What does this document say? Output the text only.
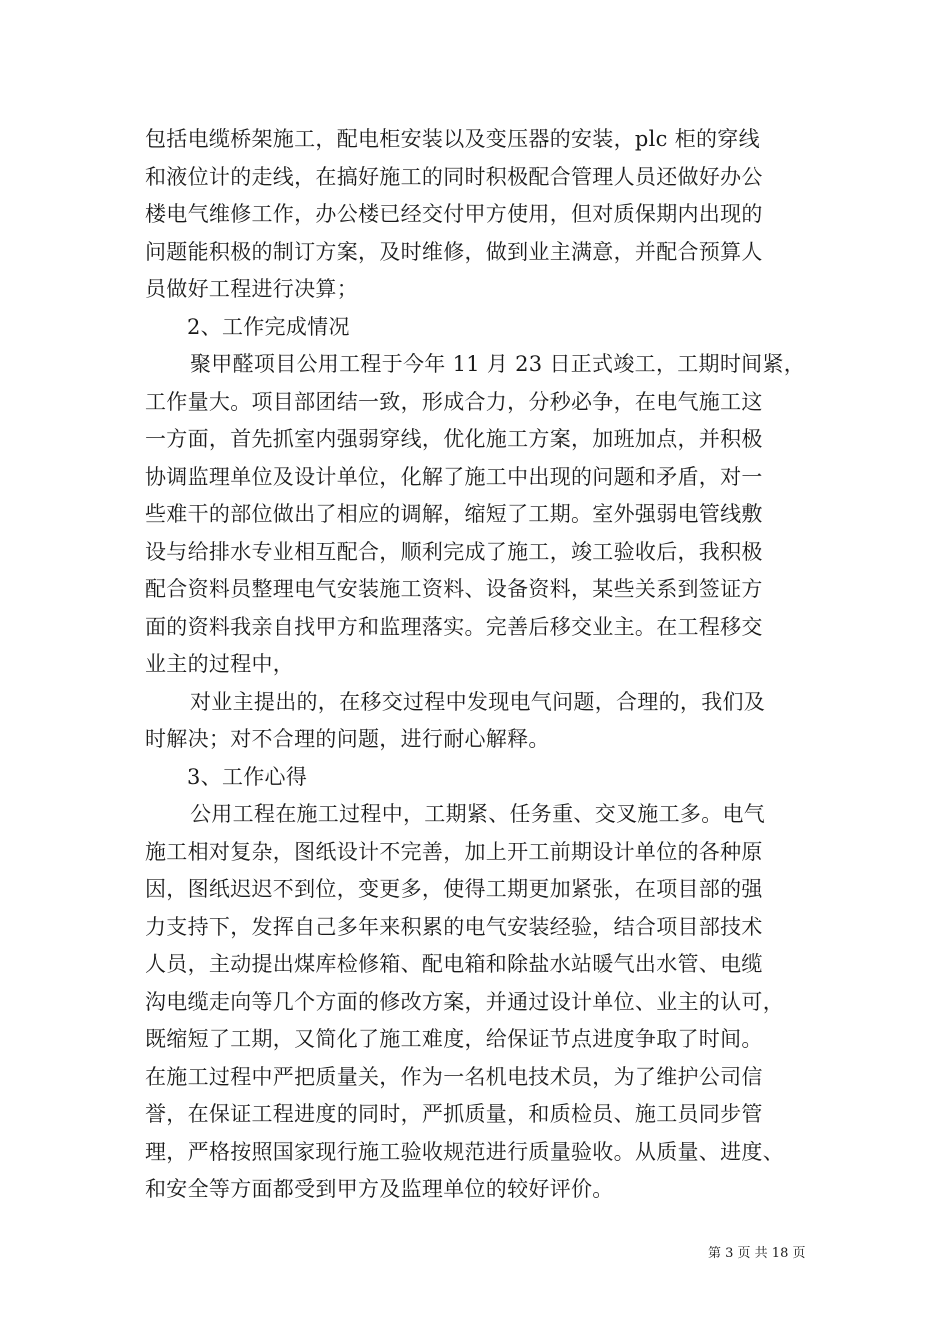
包括电缆桥架施工，配电柜安装以及变压器的安装，plc 柜的穿线
和液位计的走线，在搞好施工的同时积极配合管理人员还做好办公
楼电气维修工作，办公楼已经交付甲方使用，但对质保期内出现的
问题能积极的制订方案，及时维修，做到业主满意，并配合预算人
员做好工程进行决算；
2、工作完成情况
聚甲醛项目公用工程于今年 11 月 23 日正式竣工，工期时间紧，
工作量大。项目部团结一致，形成合力，分秒必争，在电气施工这
一方面，首先抓室内强弱穿线，优化施工方案，加班加点，并积极
协调监理单位及设计单位，化解了施工中出现的问题和矛盾，对一
些难干的部位做出了相应的调解，缩短了工期。室外强弱电管线敷
设与给排水专业相互配合，顺利完成了施工，竣工验收后，我积极
配合资料员整理电气安装施工资料、设备资料，某些关系到签证方
面的资料我亲自找甲方和监理落实。完善后移交业主。在工程移交
业主的过程中，
对业主提出的，在移交过程中发现电气问题，合理的，我们及
时解决；对不合理的问题，进行耐心解释。
3、工作心得
公用工程在施工过程中，工期紧、任务重、交叉施工多。电气
施工相对复杂，图纸设计不完善，加上开工前期设计单位的各种原
因，图纸迟迟不到位，变更多，使得工期更加紧张，在项目部的强
力支持下，发挥自己多年来积累的电气安装经验，结合项目部技术
人员，主动提出煤库检修箱、配电箱和除盐水站暖气出水管、电缆
沟电缆走向等几个方面的修改方案，并通过设计单位、业主的认可，
既缩短了工期，又简化了施工难度，给保证节点进度争取了时间。
在施工过程中严把质量关，作为一名机电技术员，为了维护公司信
誉，在保证工程进度的同时，严抓质量，和质检员、施工员同步管
理，严格按照国家现行施工验收规范进行质量验收。从质量、进度、
和安全等方面都受到甲方及监理单位的较好评价。
第 3 页 共 18 页
